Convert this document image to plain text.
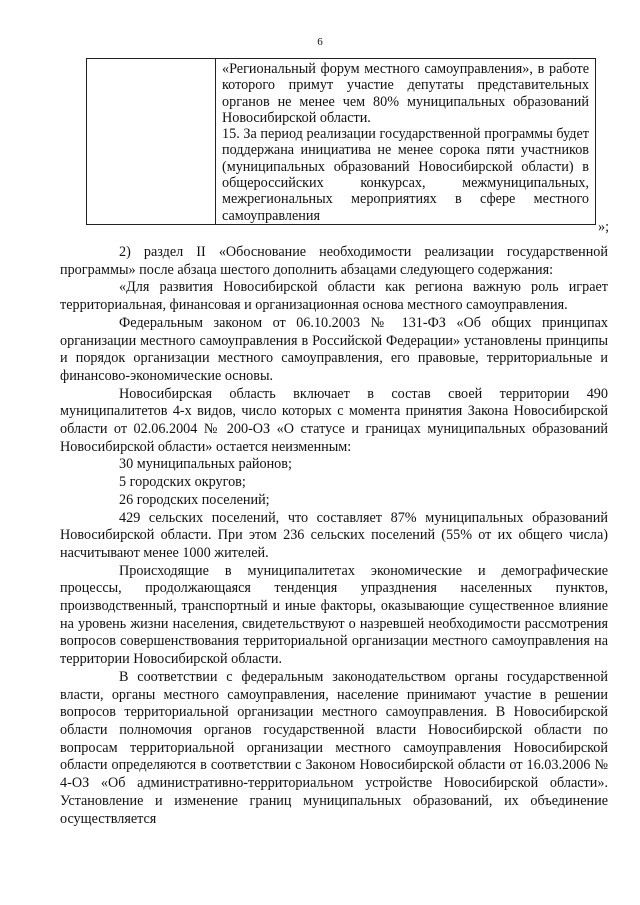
6

«Региональный форум местного самоуправления», в работе которого примут участие депутаты представительных органов не менее чем 80% муниципальных образований Новосибирской области.

15. За период реализации государственной программы будет поддержана инициатива не менее сорока пяти участников (муниципальных образований Новосибирской области) в общероссийских конкурсах, межмуниципальных, межрегиональных мероприятиях в сфере местного самоуправления

»;

2) раздел II «Обоснование необходимости реализации государственной программы» после абзаца шестого дополнить абзацами следующего содержания:

«Для развития Новосибирской области как региона важную роль играет территориальная, финансовая и организационная основа местного самоуправления.

Федеральным законом от 06.10.2003 № 131-ФЗ «Об общих принципах организации местного самоуправления в Российской Федерации» установлены принципы и порядок организации местного самоуправления, его правовые, территориальные и финансово-экономические основы.

Новосибирская область включает в состав своей территории 490 муниципалитетов 4-х видов, число которых с момента принятия Закона Новосибирской области от 02.06.2004 № 200-ОЗ «О статусе и границах муниципальных образований Новосибирской области» остается неизменным:

30 муниципальных районов;

5 городских округов;

26 городских поселений;

429 сельских поселений, что составляет 87% муниципальных образований Новосибирской области. При этом 236 сельских поселений (55% от их общего числа) насчитывают менее 1000 жителей.

Происходящие в муниципалитетах экономические и демографические процессы, продолжающаяся тенденция упразднения населенных пунктов, производственный, транспортный и иные факторы, оказывающие существенное влияние на уровень жизни населения, свидетельствуют о назревшей необходимости рассмотрения вопросов совершенствования территориальной организации местного самоуправления на территории Новосибирской области.

В соответствии с федеральным законодательством органы государственной власти, органы местного самоуправления, население принимают участие в решении вопросов территориальной организации местного самоуправления. В Новосибирской области полномочия органов государственной власти Новосибирской области по вопросам территориальной организации местного самоуправления Новосибирской области определяются в соответствии с Законом Новосибирской области от 16.03.2006 № 4-ОЗ «Об административно-территориальном устройстве Новосибирской области». Установление и изменение границ муниципальных образований, их объединение осуществляется
